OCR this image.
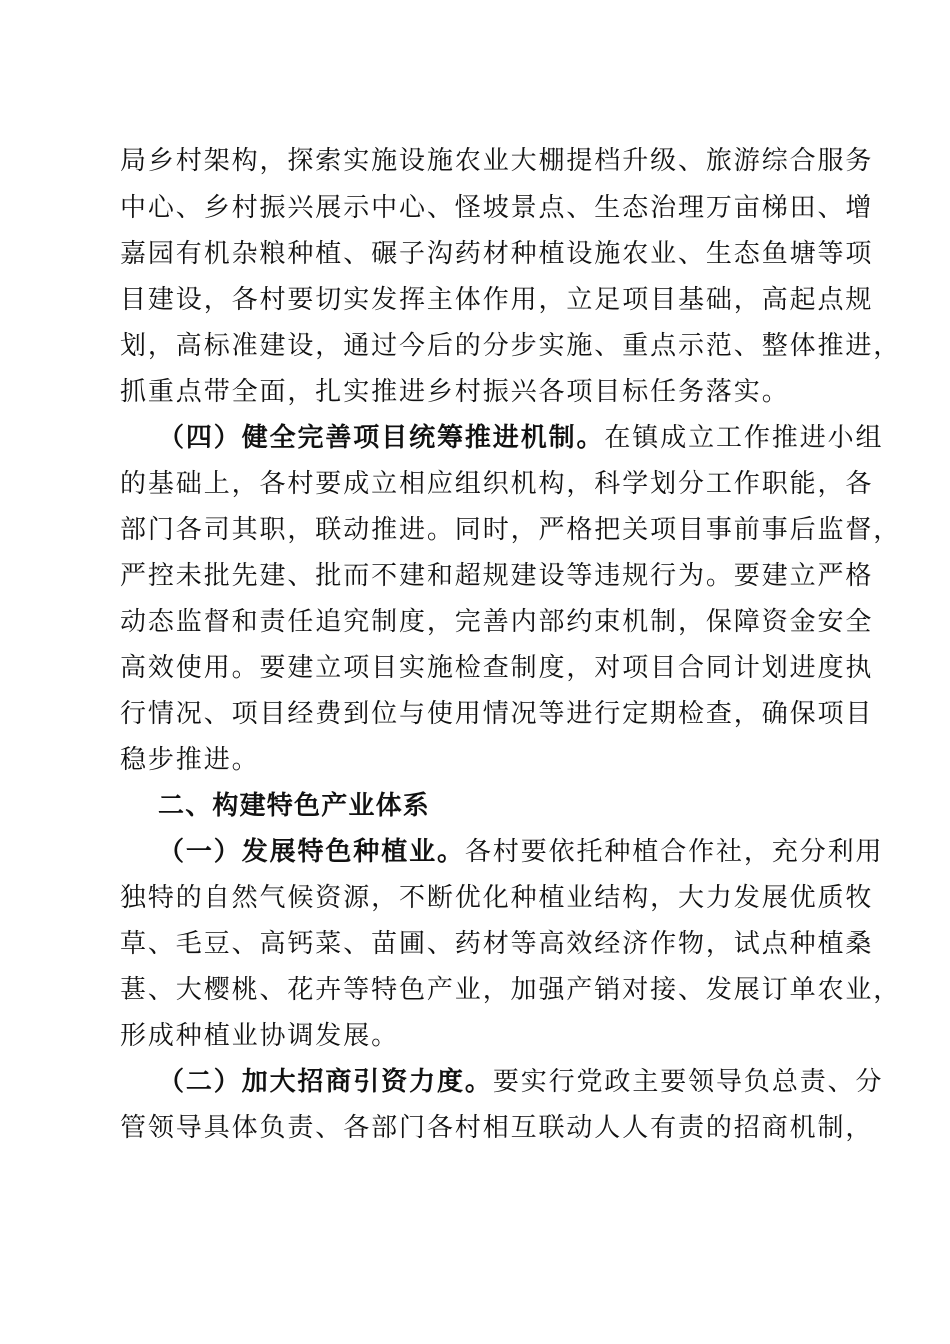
局乡村架构，探索实施设施农业大棚提档升级、旅游综合服务
中心、乡村振兴展示中心、怪坡景点、生态治理万亩梯田、增
嘉园有机杂粮种植、碾子沟药材种植设施农业、生态鱼塘等项
目建设，各村要切实发挥主体作用，立足项目基础，高起点规
划，高标准建设，通过今后的分步实施、重点示范、整体推进，
抓重点带全面，扎实推进乡村振兴各项目标任务落实。
（四）健全完善项目统筹推进机制。在镇成立工作推进小组
的基础上，各村要成立相应组织机构，科学划分工作职能，各
部门各司其职，联动推进。同时，严格把关项目事前事后监督，
严控未批先建、批而不建和超规建设等违规行为。要建立严格
动态监督和责任追究制度，完善内部约束机制，保障资金安全
高效使用。要建立项目实施检查制度，对项目合同计划进度执
行情况、项目经费到位与使用情况等进行定期检查，确保项目
稳步推进。
二、构建特色产业体系
（一）发展特色种植业。各村要依托种植合作社，充分利用
独特的自然气候资源，不断优化种植业结构，大力发展优质牧
草、毛豆、高钙菜、苗圃、药材等高效经济作物，试点种植桑
葚、大樱桃、花卉等特色产业，加强产销对接、发展订单农业，
形成种植业协调发展。
（二）加大招商引资力度。要实行党政主要领导负总责、分
管领导具体负责、各部门各村相互联动人人有责的招商机制，
